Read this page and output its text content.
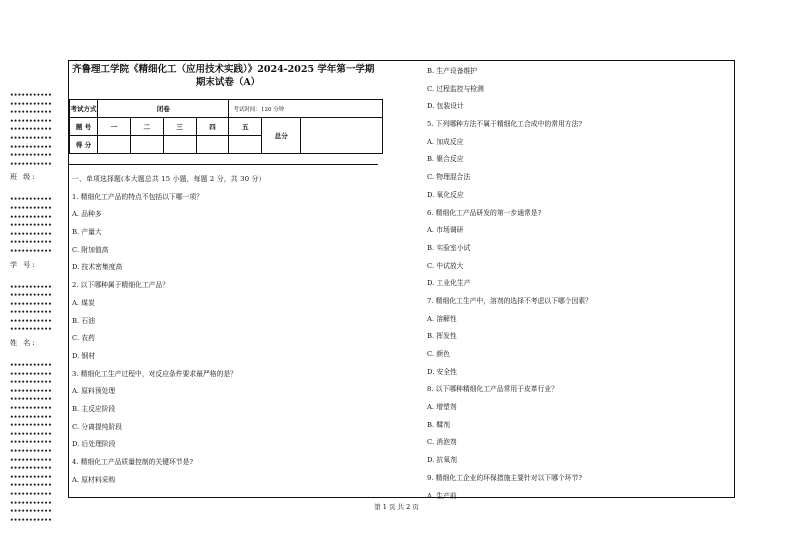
•••••••••••
•••••••••••
•••••••••••
•••••••••••
•••••••••••
•••••••••••
•••••••••••
•••••••••••
•••••••••••
班 级:
•••••••••••
•••••••••••
•••••••••••
•••••••••••
•••••••••••
•••••••••••
•••••••••••
学 号:
•••••••••••
•••••••••••
•••••••••••
•••••••••••
•••••••••••
•••••••••••
姓 名:
•••••••••••
•••••••••••
•••••••••••
•••••••••••
•••••••••••
•••••••••••
•••••••••••
•••••••••••
•••••••••••
•••••••••••
•••••••••••
•••••••••••
•••••••••••
•••••••••••
•••••••••••
•••••••••••
•••••••••••
•••••••••••
•••••••••••
齐鲁理工学院《精细化工（应用技术实践）》2024-2025 学年第一学期
期末试卷（A）
考试方式	闭卷				考试时间：120 分钟		
题 号	一	二	三	四	五	总分	
得 分							
一、单项选择题(本大题总共 15 小题，每题 2 分，共 30 分）
1. 精细化工产品的特点不包括以下哪一项？
A. 品种多
B. 产量大
C. 附加值高
D. 技术密集度高
2. 以下哪种属于精细化工产品？
A. 煤炭
B. 石油
C. 农药
D. 钢材
3. 精细化工生产过程中，对反应条件要求最严格的是？
A. 原料预处理
B. 主反应阶段
C. 分离提纯阶段
D. 后处理阶段
4. 精细化工产品质量控制的关键环节是?
A. 原材料采购
B. 生产设备维护
C. 过程监控与检测
D. 包装设计
5. 下列哪种方法不属于精细化工合成中的常用方法?
A. 加成反应
B. 聚合反应
C. 物理混合法
D. 氧化反应
6. 精细化工产品研发的第一步通常是?
A. 市场调研
B. 实验室小试
C. 中试放大
D. 工业化生产
7. 精细化工生产中，溶剂的选择不考虑以下哪个因素？
A. 溶解性
B. 挥发性
C. 颜色
D. 安全性
8. 以下哪种精细化工产品常用于皮革行业？
A. 增塑剂
B. 鞣剂
C. 消泡剂
D. 抗氧剂
9. 精细化工企业的环保措施主要针对以下哪个环节?
A. 生产前
第 1 页 共 2 页
